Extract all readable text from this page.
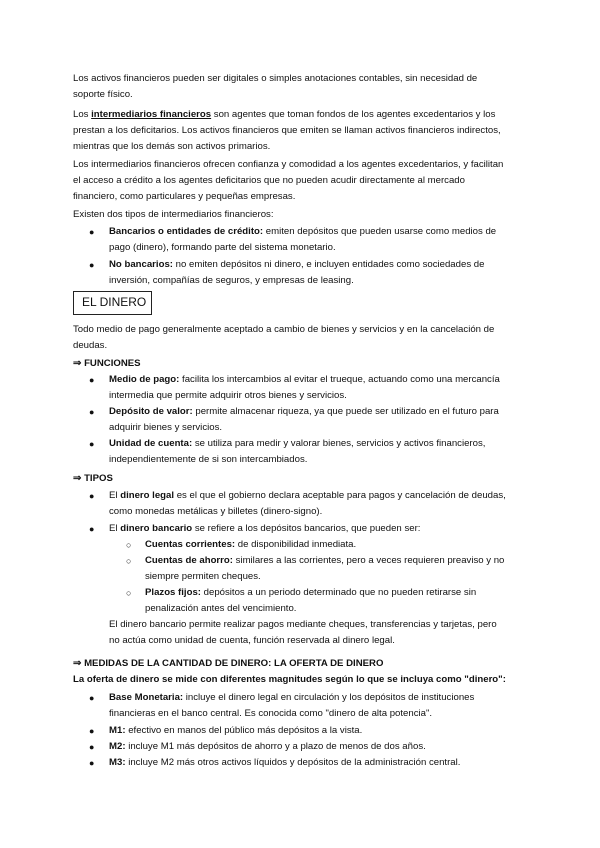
Los activos financieros pueden ser digitales o simples anotaciones contables, sin necesidad de
soporte físico.
Los intermediarios financieros son agentes que toman fondos de los agentes excedentarios y los
prestan a los deficitarios. Los activos financieros que emiten se llaman activos financieros indirectos,
mientras que los demás son activos primarios.
Los intermediarios financieros ofrecen confianza y comodidad a los agentes excedentarios, y facilitan
el acceso a crédito a los agentes deficitarios que no pueden acudir directamente al mercado
financiero, como particulares y pequeñas empresas.
Existen dos tipos de intermediarios financieros:
● Bancarios o entidades de crédito: emiten depósitos que pueden usarse como medios de
pago (dinero), formando parte del sistema monetario.
● No bancarios: no emiten depósitos ni dinero, e incluyen entidades como sociedades de
inversión, compañías de seguros, y empresas de leasing.
EL DINERO
Todo medio de pago generalmente aceptado a cambio de bienes y servicios y en la cancelación de
deudas.
⇒ FUNCIONES
● Medio de pago: facilita los intercambios al evitar el trueque, actuando como una mercancía
intermedia que permite adquirir otros bienes y servicios.
● Depósito de valor: permite almacenar riqueza, ya que puede ser utilizado en el futuro para
adquirir bienes y servicios.
● Unidad de cuenta: se utiliza para medir y valorar bienes, servicios y activos financieros,
independientemente de si son intercambiados.
⇒ TIPOS
● El dinero legal es el que el gobierno declara aceptable para pagos y cancelación de deudas,
como monedas metálicas y billetes (dinero-signo).
● El dinero bancario se refiere a los depósitos bancarios, que pueden ser:
○ Cuentas corrientes: de disponibilidad inmediata.
○ Cuentas de ahorro: similares a las corrientes, pero a veces requieren preaviso y no
siempre permiten cheques.
○ Plazos fijos: depósitos a un periodo determinado que no pueden retirarse sin
penalización antes del vencimiento.
El dinero bancario permite realizar pagos mediante cheques, transferencias y tarjetas, pero
no actúa como unidad de cuenta, función reservada al dinero legal.
⇒ MEDIDAS DE LA CANTIDAD DE DINERO: LA OFERTA DE DINERO
La oferta de dinero se mide con diferentes magnitudes según lo que se incluya como "dinero":
● Base Monetaria: incluye el dinero legal en circulación y los depósitos de instituciones
financieras en el banco central. Es conocida como "dinero de alta potencia".
● M1: efectivo en manos del público más depósitos a la vista.
● M2: incluye M1 más depósitos de ahorro y a plazo de menos de dos años.
● M3: incluye M2 más otros activos líquidos y depósitos de la administración central.
